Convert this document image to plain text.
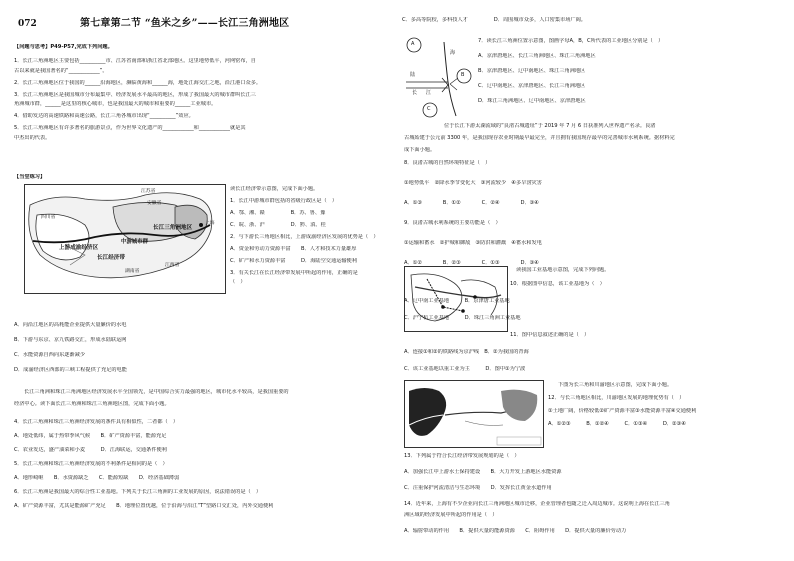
072	第七章第二节 “鱼米之乡”——长江三角洲地区

【问题与思考】P49-P57,完成下列问题。

1．长江三角洲地区主要包括__________市、江苏省南部和浙江省北部地区。这里地势低平，河网密布，自

古以来就是我国著名的“____________”。

2．长江三角洲地区位于我国的______沿海地区，濒临黄海和______海，地处江海交汇之地，沿江港口众多。

3．长江三角洲地区是我国城市分布最集中、经济发展水平最高的地区，形成了我国最大的城市群叫长江三

角洲城市群，______是这里的核心城市，也是我国最大的城市和重要的______工业城市。

4．借助发达的高速铁路和高速公路，长江三角各城市出现“__________”效应。

5．长江三角洲地区有许多著名的旅游景点，作为世界文化遗产的____________和____________就是其

中杰出的代表。

【当堂练习】

江苏省
安徽省
四川省
上海
长江三角洲地区
中游城市群
上游成渝经济区
长江经济带
湖南省
江西省

读长江经济带示意图，完成下面小题。

1．长江中游城市群包括的省级行政区是（　）

A．鄂、湘、赣　　　　　B．苏、鲁、豫

C．皖、浙、沪　　　　　D．黔、滇、桂

2．与下游长三角地区相比，上游成渝经济区发展的优势是（　）

A．资金和劳动力资源丰富　　B．人才和技术力量雄厚

C．矿产和水力资源丰富　　　D．海陆空交通运输便利

3．有关长江在长江经济带发展中所起的作用，正确的是

（　）

A．向沿江地区的高耗能企业提供大量廉价的水电

B．下游与东京、京九铁路交汇，形成水陆联运网

C．水能资源自西向东逐渐减少

D．成渝经济区西部的三峡工程提供了充足的电能

长江三角洲和珠江三角洲地区经济发展水平全国领先，是中国综合实力最强的地区，城市化水平较高，是我国重要的

经济中心。读下面长江三角洲和珠江三角洲地区图，完成下面小题。

4．长江三角洲和珠江三角洲经济发展的条件具有相似性，二者都（　）

A．地处低纬，属于热带季风气候　　B．矿产资源丰富，能源充足

C．农业发达，盛产油菜和小麦　　　D．江海联运，交通条件便利

5．长江三角洲和珠江三角洲经济发展的不利条件是相同的是（　）

A．地形崎岖　　B．水资源缺乏　　C．能源短缺　　D．经济基础薄弱

6．长江三角洲是我国最大的综合性工业基地。下列关于长江三角洲的工业发展的原因，说法错误的是（　）

A．矿产资源丰富，尤其是能源矿产充足　　B．地理位置优越，位于沿海与沿江“T”型路口交汇处，内外交通便利

C．多高等院校，多科技人才　　　　　D．周围城市众多，人口密集市场广阔。

A
B
C
海
陆
长 江

7．读长江三角洲位置示意图，图画字母A，B，C所代表的工业地区分别是（　）

A．京津唐地区、长江三角洲地区、珠江三角洲地区

B．京津唐地区、辽中南地区、珠江三角洲地区

C．辽中南地区、京津唐地区、长江三角洲地区

D．珠江三角洲地区、辽中南地区、京津唐地区

位于长江下游太湖流域的“良渚古城遗址”于 2019 年 7 月 6 日获准列入世界遗产名录。良渚

古城始建于公元前 3300 年，是我国现存农业时期最早最完全，并且拥有我国现存最早的完善城市水利系统。据材料完

成下面小题。

8．良渚古城的自然环境特征是（　）

①地势低平　②降水季节变化大　③河流较少　④多旱涝灾害

A．①③　　　　B．①②　　　　C．②④　　　　D．③④

9．良渚古城水利系统的主要功能是（　）

①运输和蓄水　②护城和御敌　③防洪和灌溉　④蓄水和发电

A．①②　　　　B．②③　　　　C．①③　　　　D．③④

读我国工业基地示意图，完成下列问题。

10．根据图中信息，该工业基地为（　）

A．辽中南工业基地　　　B．京津唐工业基地

C．沪宁杭工业基地　　　D．珠江三角洲工业基地

11．图中信息叙述正确的是（　）

A．连接①和②的铁路线为京沪线　B．②为我国的青海

C．该工业基地以重工业为主　　　D．图中①为宁波

下图为长三角和川渝地区示意图，完成下面小题。

12．与长三角地区相比，川渝地区发展的地理优势有（　）

①土地广阔，价格较低②矿产资源丰富③水能资源丰富④交通便利

A．①②③　　　B．①②④　　　C．①③④　　　D．②③④

13．下列属于符合长江经济带发展规划的是（　）

A．加强长江中上游水土保持建设　　B．大力开发上游地区水能资源

C．注重保护河流清洁与生态环境　　D．发挥长江黄金水道作用

14．近年来，上海有不少企业向长江三角洲地区城市迁移，企业管理者也随之迁入周边城市。这说明上海在长江三角

洲区域的经济发展中所起的作用是（　）

A．辐射带动的作用　　B．提供大量的能源资源　　C．阻碍作用　　D．提供大量的廉价劳动力
